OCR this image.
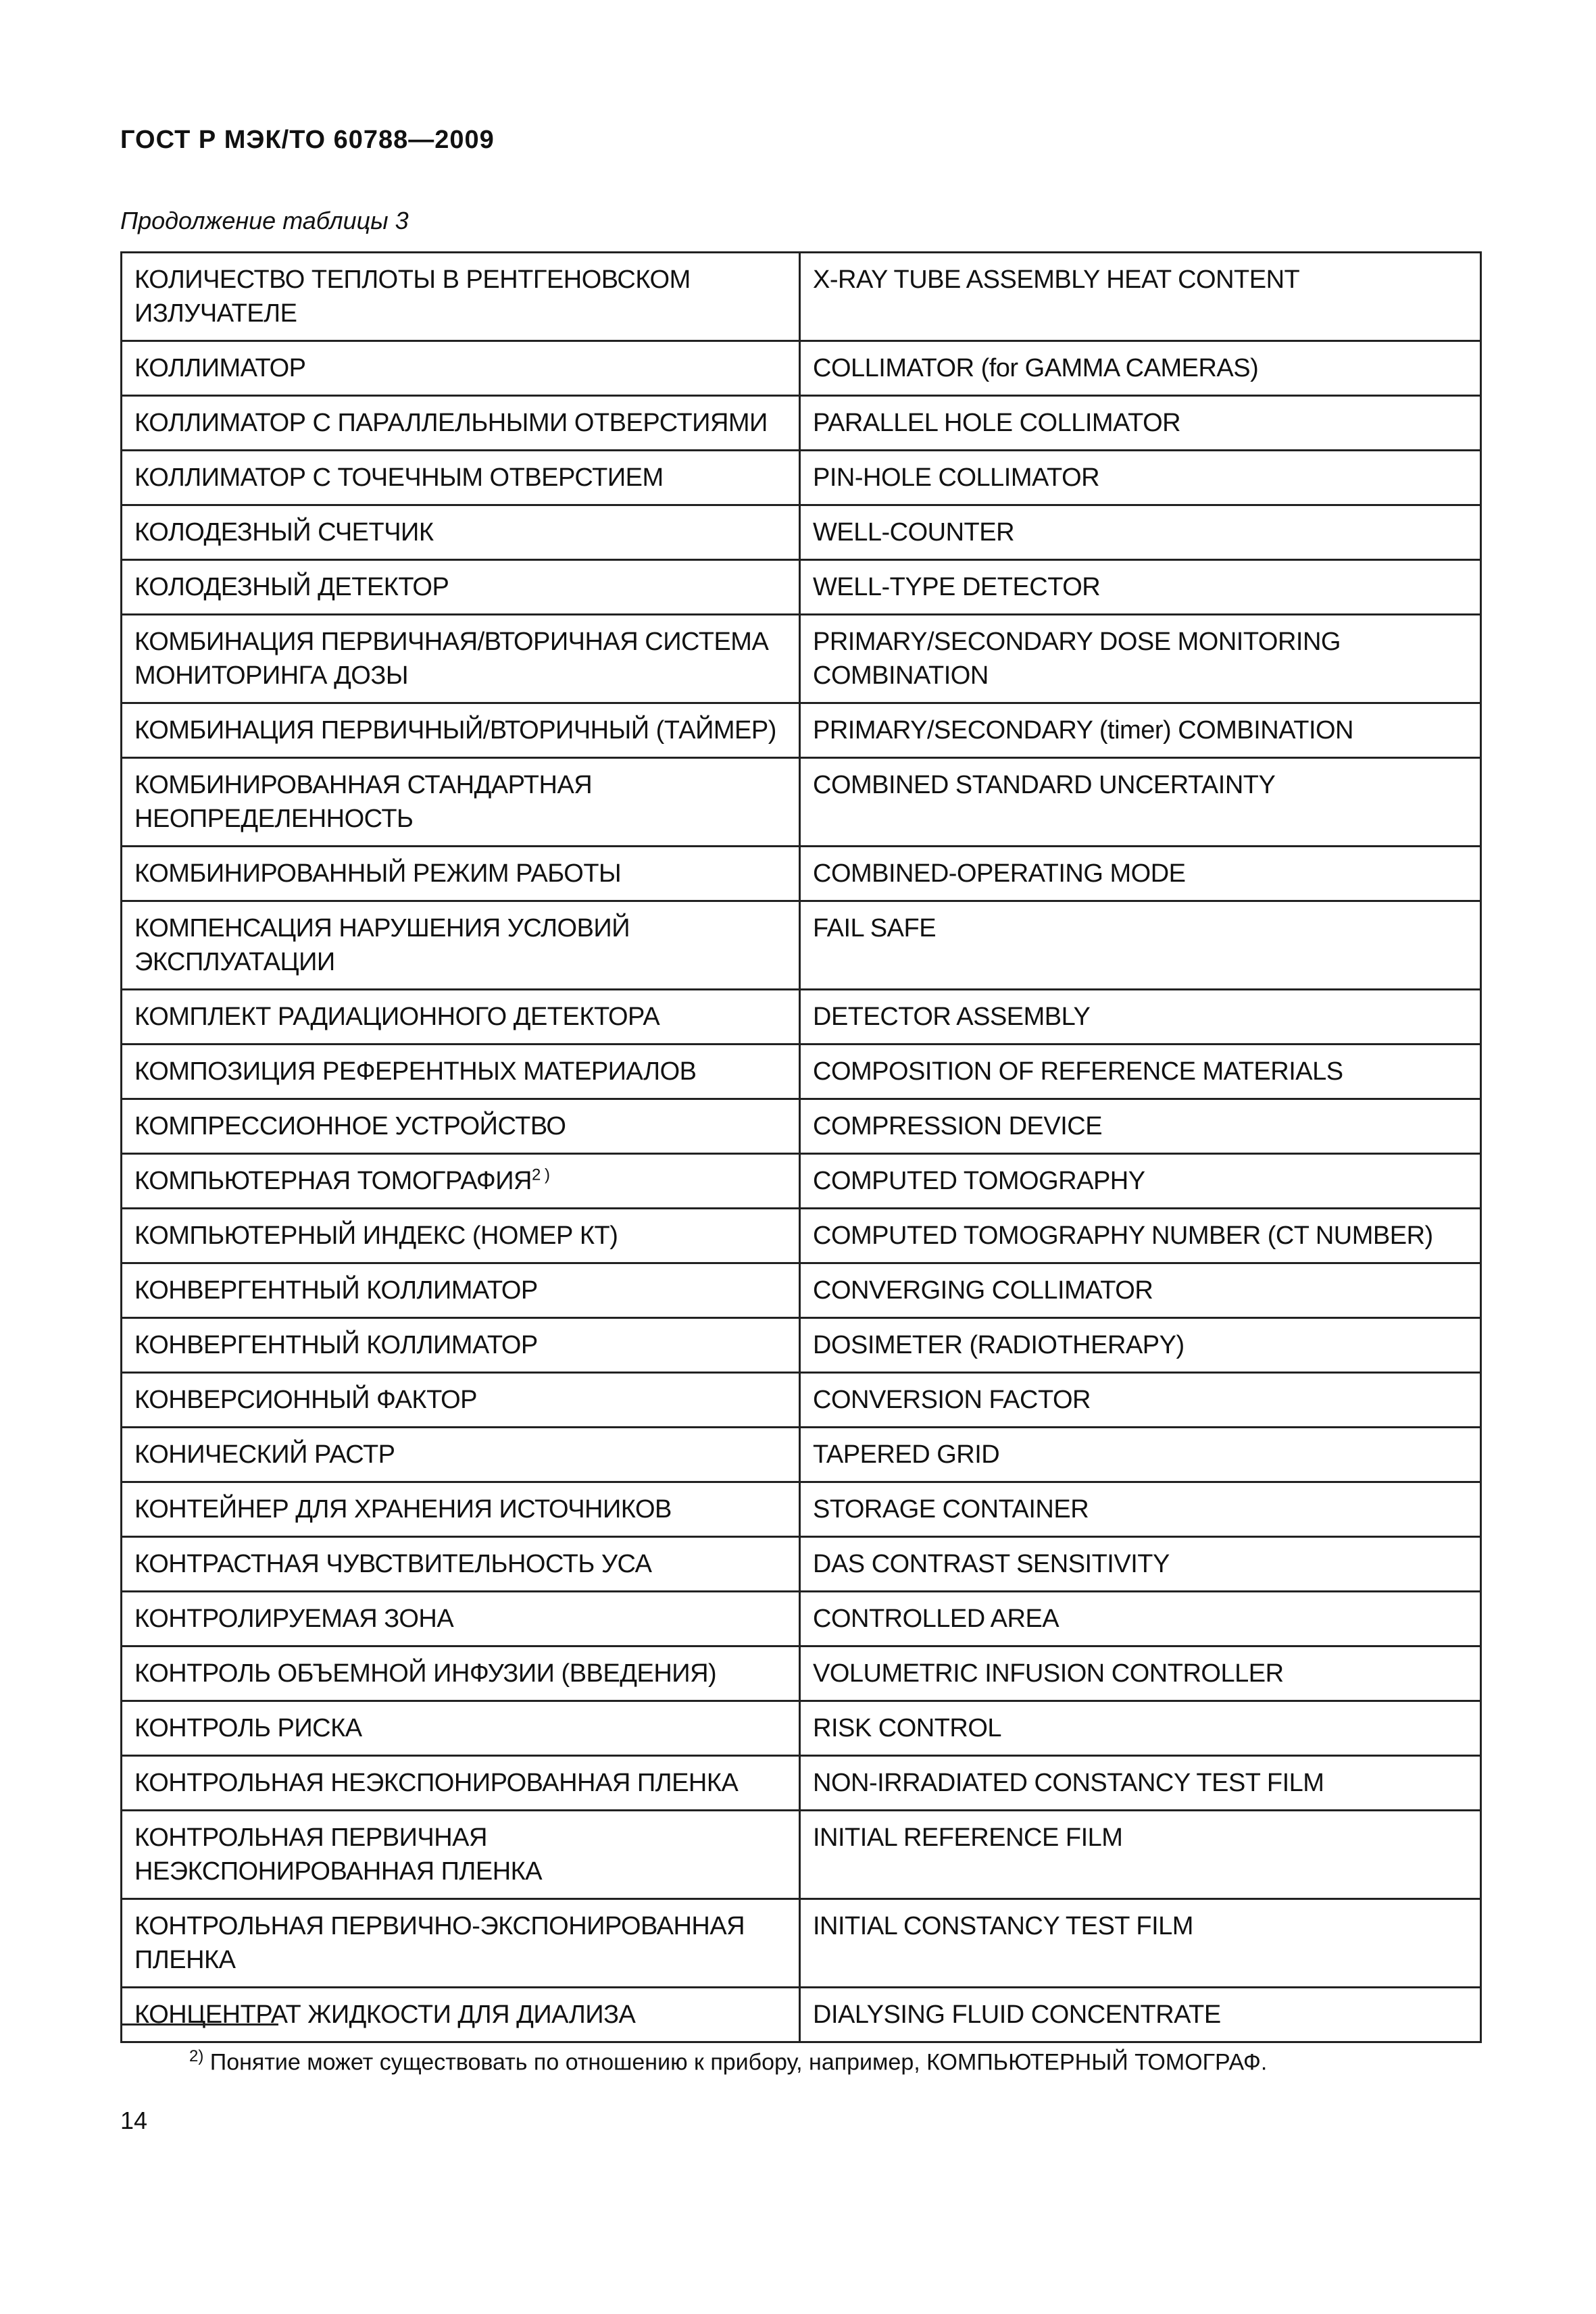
ГОСТ Р МЭК/ТО 60788—2009
Продолжение таблицы 3
КОЛИЧЕСТВО ТЕПЛОТЫ В РЕНТГЕНОВСКОМ ИЗЛУЧАТЕЛЕ	X-RAY TUBE ASSEMBLY HEAT CONTENT
КОЛЛИМАТОР	COLLIMATOR (for GAMMA CAMERAS)
КОЛЛИМАТОР С ПАРАЛЛЕЛЬНЫМИ ОТВЕРСТИЯМИ	PARALLEL HOLE COLLIMATOR
КОЛЛИМАТОР С ТОЧЕЧНЫМ ОТВЕРСТИЕМ	PIN-HOLE COLLIMATOR
КОЛОДЕЗНЫЙ СЧЕТЧИК	WELL-COUNTER
КОЛОДЕЗНЫЙ ДЕТЕКТОР	WELL-TYPE DETECTOR
КОМБИНАЦИЯ ПЕРВИЧНАЯ/ВТОРИЧНАЯ СИСТЕМА МОНИТОРИНГА ДОЗЫ	PRIMARY/SECONDARY DOSE MONITORING COMBINATION
КОМБИНАЦИЯ ПЕРВИЧНЫЙ/ВТОРИЧНЫЙ (ТАЙМЕР)	PRIMARY/SECONDARY (timer) COMBINATION
КОМБИНИРОВАННАЯ СТАНДАРТНАЯ НЕОПРЕДЕЛЕННОСТЬ	COMBINED STANDARD UNCERTAINTY
КОМБИНИРОВАННЫЙ РЕЖИМ РАБОТЫ	COMBINED-OPERATING MODE
КОМПЕНСАЦИЯ НАРУШЕНИЯ УСЛОВИЙ ЭКСПЛУАТАЦИИ	FAIL SAFE
КОМПЛЕКТ РАДИАЦИОННОГО ДЕТЕКТОРА	DETECTOR ASSEMBLY
КОМПОЗИЦИЯ РЕФЕРЕНТНЫХ МАТЕРИАЛОВ	COMPOSITION OF REFERENCE MATERIALS
КОМПРЕССИОННОЕ УСТРОЙСТВО	COMPRESSION DEVICE
КОМПЬЮТЕРНАЯ ТОМОГРАФИЯ$^{2 )}$	COMPUTED TOMOGRAPHY
КОМПЬЮТЕРНЫЙ ИНДЕКС (НОМЕР КТ)	COMPUTED TOMOGRAPHY NUMBER (CT NUMBER)
КОНВЕРГЕНТНЫЙ КОЛЛИМАТОР	CONVERGING COLLIMATOR
КОНВЕРГЕНТНЫЙ КОЛЛИМАТОР	DOSIMETER (RADIOTHERAPY)
КОНВЕРСИОННЫЙ ФАКТОР	CONVERSION FACTOR
КОНИЧЕСКИЙ РАСТР	TAPERED GRID
КОНТЕЙНЕР ДЛЯ ХРАНЕНИЯ ИСТОЧНИКОВ	STORAGE CONTAINER
КОНТРАСТНАЯ ЧУВСТВИТЕЛЬНОСТЬ УСА	DAS CONTRAST SENSITIVITY
КОНТРОЛИРУЕМАЯ ЗОНА	CONTROLLED AREA
КОНТРОЛЬ ОБЪЕМНОЙ ИНФУЗИИ (ВВЕДЕНИЯ)	VOLUMETRIC INFUSION CONTROLLER
КОНТРОЛЬ РИСКА	RISK CONTROL
КОНТРОЛЬНАЯ НЕЭКСПОНИРОВАННАЯ ПЛЕНКА	NON-IRRADIATED CONSTANCY TEST FILM
КОНТРОЛЬНАЯ ПЕРВИЧНАЯ НЕЭКСПОНИРОВАННАЯ ПЛЕНКА	INITIAL REFERENCE FILM
КОНТРОЛЬНАЯ ПЕРВИЧНО-ЭКСПОНИРОВАННАЯ ПЛЕНКА	INITIAL CONSTANCY TEST FILM
КОНЦЕНТРАТ ЖИДКОСТИ ДЛЯ ДИАЛИЗА	DIALYSING FLUID CONCENTRATE
$^{2)}$ Понятие может существовать по отношению к прибору, например, КОМПЬЮТЕРНЫЙ ТОМОГРАФ.
14
